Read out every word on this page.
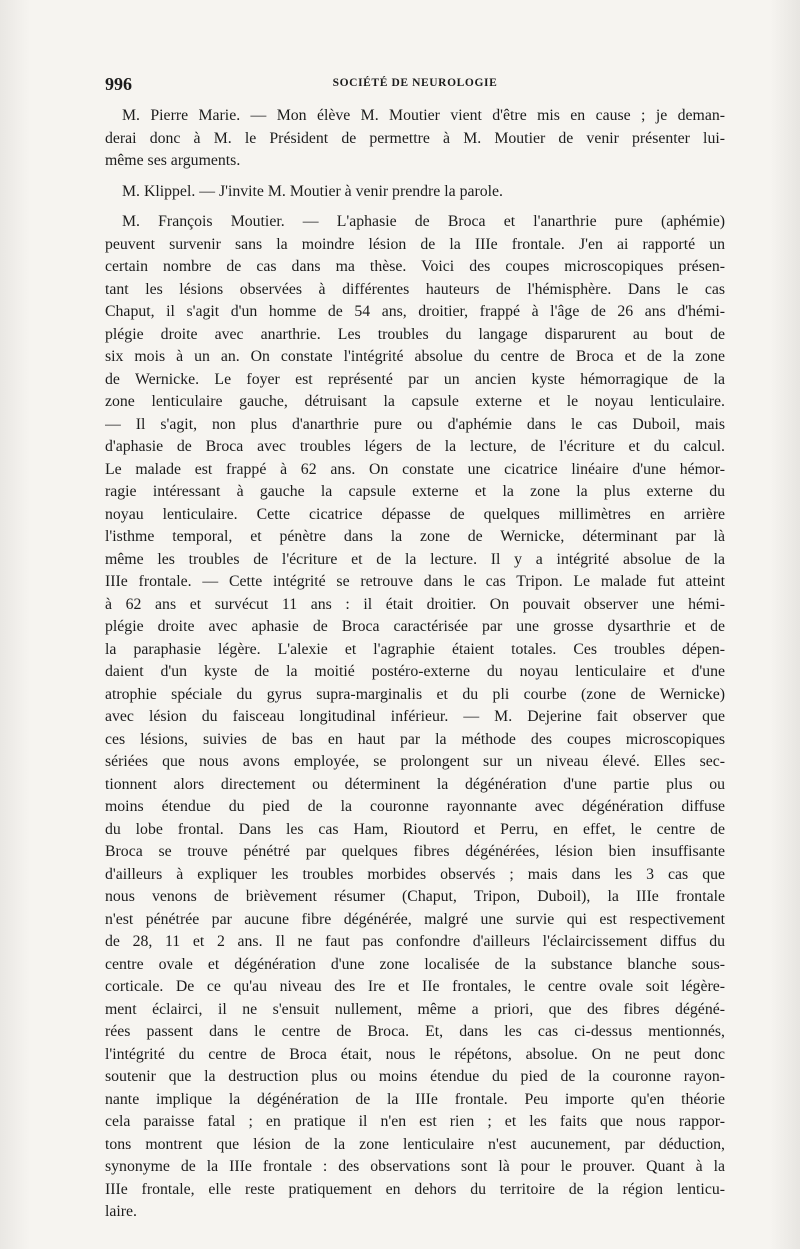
996	SOCIÉTÉ DE NEUROLOGIE
M. Pierre Marie. — Mon élève M. Moutier vient d'être mis en cause ; je deman-
derai donc à M. le Président de permettre à M. Moutier de venir présenter lui-
même ses arguments.
M. Klippel. — J'invite M. Moutier à venir prendre la parole.
M. François Moutier. — L'aphasie de Broca et l'anarthrie pure (aphémie)
peuvent survenir sans la moindre lésion de la IIIe frontale. J'en ai rapporté un
certain nombre de cas dans ma thèse. Voici des coupes microscopiques présen-
tant les lésions observées à différentes hauteurs de l'hémisphère. Dans le cas
Chaput, il s'agit d'un homme de 54 ans, droitier, frappé à l'âge de 26 ans d'hémi-
plégie droite avec anarthrie. Les troubles du langage disparurent au bout de
six mois à un an. On constate l'intégrité absolue du centre de Broca et de la zone
de Wernicke. Le foyer est représenté par un ancien kyste hémorragique de la
zone lenticulaire gauche, détruisant la capsule externe et le noyau lenticulaire.
— Il s'agit, non plus d'anarthrie pure ou d'aphémie dans le cas Duboil, mais
d'aphasie de Broca avec troubles légers de la lecture, de l'écriture et du calcul.
Le malade est frappé à 62 ans. On constate une cicatrice linéaire d'une hémor-
ragie intéressant à gauche la capsule externe et la zone la plus externe du
noyau lenticulaire. Cette cicatrice dépasse de quelques millimètres en arrière
l'isthme temporal, et pénètre dans la zone de Wernicke, déterminant par là
même les troubles de l'écriture et de la lecture. Il y a intégrité absolue de la
IIIe frontale. — Cette intégrité se retrouve dans le cas Tripon. Le malade fut atteint
à 62 ans et survécut 11 ans : il était droitier. On pouvait observer une hémi-
plégie droite avec aphasie de Broca caractérisée par une grosse dysarthrie et de
la paraphasie légère. L'alexie et l'agraphie étaient totales. Ces troubles dépen-
daient d'un kyste de la moitié postéro-externe du noyau lenticulaire et d'une
atrophie spéciale du gyrus supra-marginalis et du pli courbe (zone de Wernicke)
avec lésion du faisceau longitudinal inférieur. — M. Dejerine fait observer que
ces lésions, suivies de bas en haut par la méthode des coupes microscopiques
sériées que nous avons employée, se prolongent sur un niveau élevé. Elles sec-
tionnent alors directement ou déterminent la dégénération d'une partie plus ou
moins étendue du pied de la couronne rayonnante avec dégénération diffuse
du lobe frontal. Dans les cas Ham, Rioutord et Perru, en effet, le centre de
Broca se trouve pénétré par quelques fibres dégénérées, lésion bien insuffisante
d'ailleurs à expliquer les troubles morbides observés ; mais dans les 3 cas que
nous venons de brièvement résumer (Chaput, Tripon, Duboil), la IIIe frontale
n'est pénétrée par aucune fibre dégénérée, malgré une survie qui est respectivement
de 28, 11 et 2 ans. Il ne faut pas confondre d'ailleurs l'éclaircissement diffus du
centre ovale et dégénération d'une zone localisée de la substance blanche sous-
corticale. De ce qu'au niveau des Ire et IIe frontales, le centre ovale soit légère-
ment éclairci, il ne s'ensuit nullement, même a priori, que des fibres dégéné-
rées passent dans le centre de Broca. Et, dans les cas ci-dessus mentionnés,
l'intégrité du centre de Broca était, nous le répétons, absolue. On ne peut donc
soutenir que la destruction plus ou moins étendue du pied de la couronne rayon-
nante implique la dégénération de la IIIe frontale. Peu importe qu'en théorie
cela paraisse fatal ; en pratique il n'en est rien ; et les faits que nous rappor-
tons montrent que lésion de la zone lenticulaire n'est aucunement, par déduction,
synonyme de la IIIe frontale : des observations sont là pour le prouver. Quant à la
IIIe frontale, elle reste pratiquement en dehors du territoire de la région lenticu-
laire.
